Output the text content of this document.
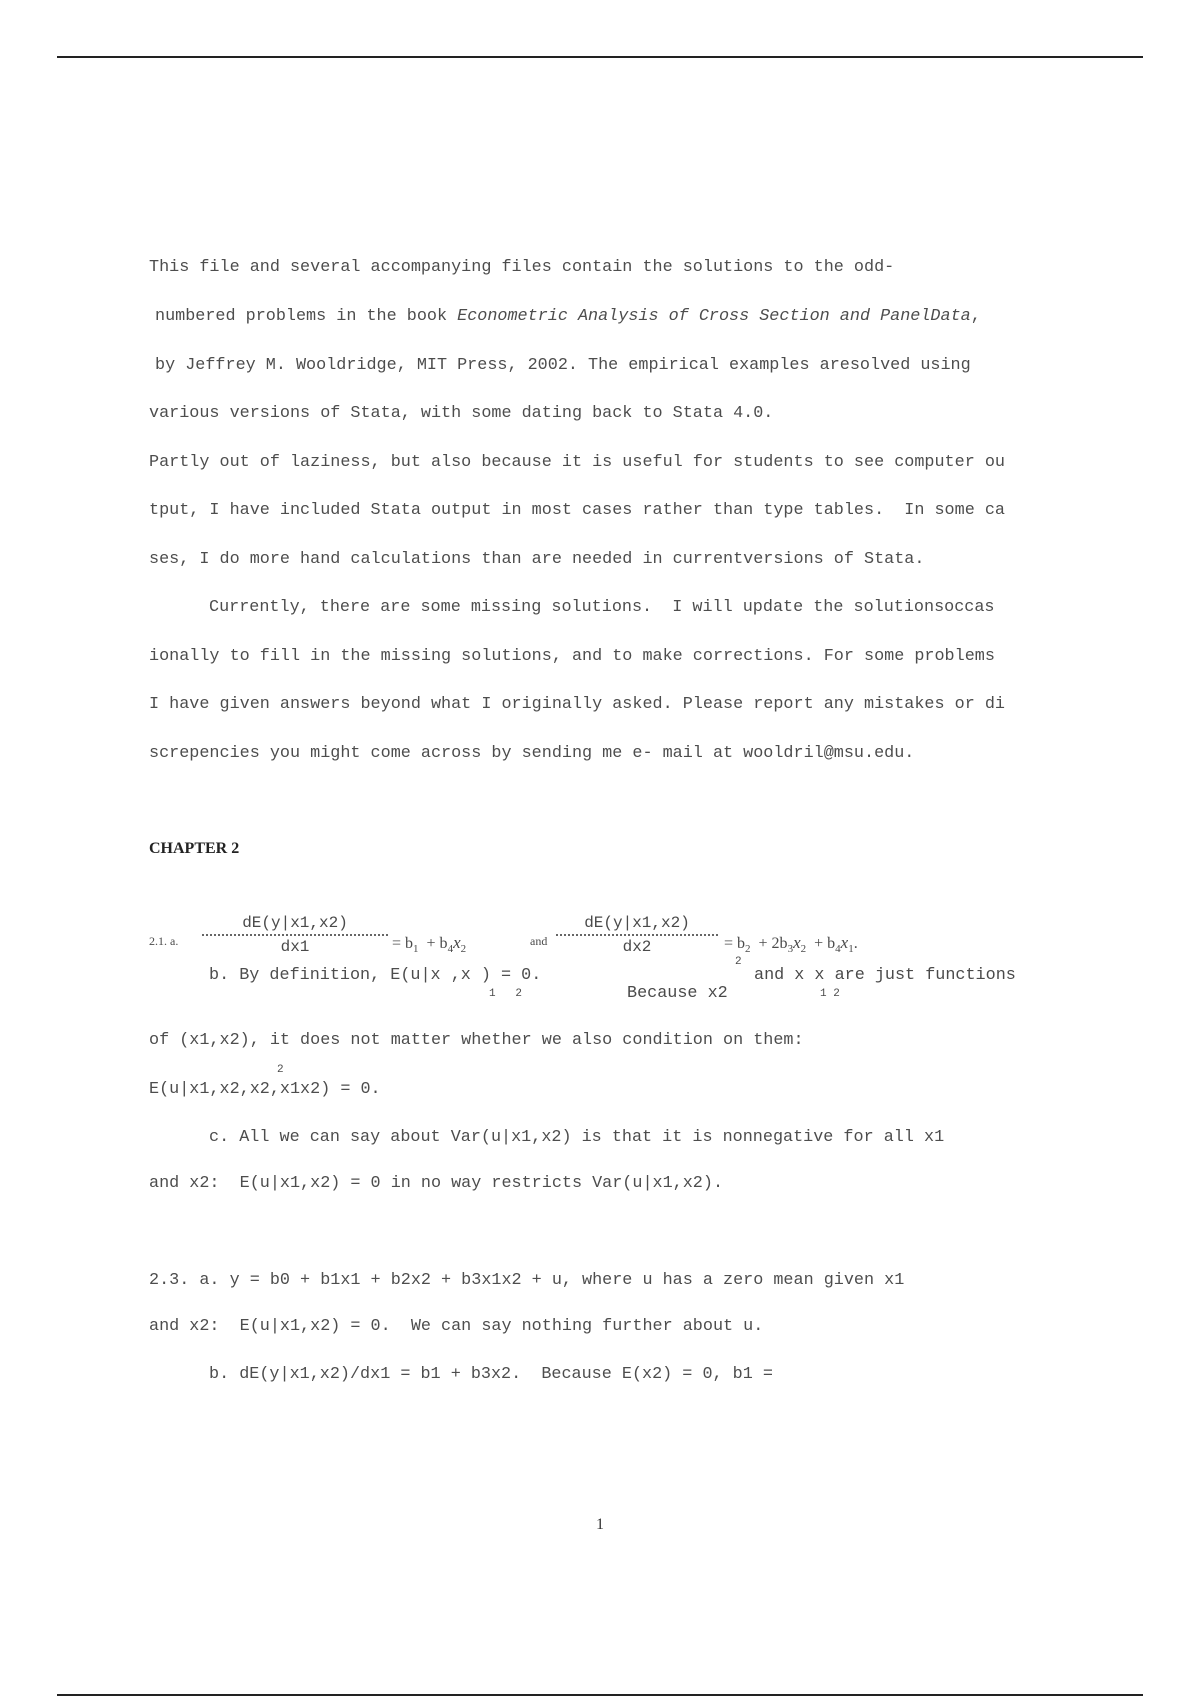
This file and several accompanying files contain the solutions to the odd-
numbered problems in the book Econometric Analysis of Cross Section and PanelData,
by Jeffrey M. Wooldridge, MIT Press, 2002. The empirical examples aresolved using
various versions of Stata, with some dating back to Stata 4.0.
Partly out of laziness, but also because it is useful for students to see computer ou
tput, I have included Stata output in most cases rather than type tables.  In some ca
ses, I do more hand calculations than are needed in currentversions of Stata.
Currently, there are some missing solutions.  I will update the solutionsoccas
ionally to fill in the missing solutions, and to make corrections. For some problems
I have given answers beyond what I originally asked. Please report any mistakes or di
screpencies you might come across by sending me e- mail at wooldril@msu.edu.
CHAPTER 2
2.1. a.
dE(y|x1,x2)
dx1	= $b_1 + b_4x_2$
and
dE(y|x1,x2)
dx2	= $b_2 + 2b_3x_2 + b_4x_1$.
b. By definition, E(u|x ,x ) = 0.
1   2	Because x2
2
and x x are just functions
1 2
of (x1,x2), it does not matter whether we also condition on them:
2
E(u|x1,x2,x2,x1x2) = 0.
c. All we can say about Var(u|x1,x2) is that it is nonnegative for all x1
and x2:  E(u|x1,x2) = 0 in no way restricts Var(u|x1,x2).
2.3. a. y = b0 + b1x1 + b2x2 + b3x1x2 + u, where u has a zero mean given x1
and x2:  E(u|x1,x2) = 0.  We can say nothing further about u.
b. dE(y|x1,x2)/dx1 = b1 + b3x2.  Because E(x2) = 0, b1 =
1
